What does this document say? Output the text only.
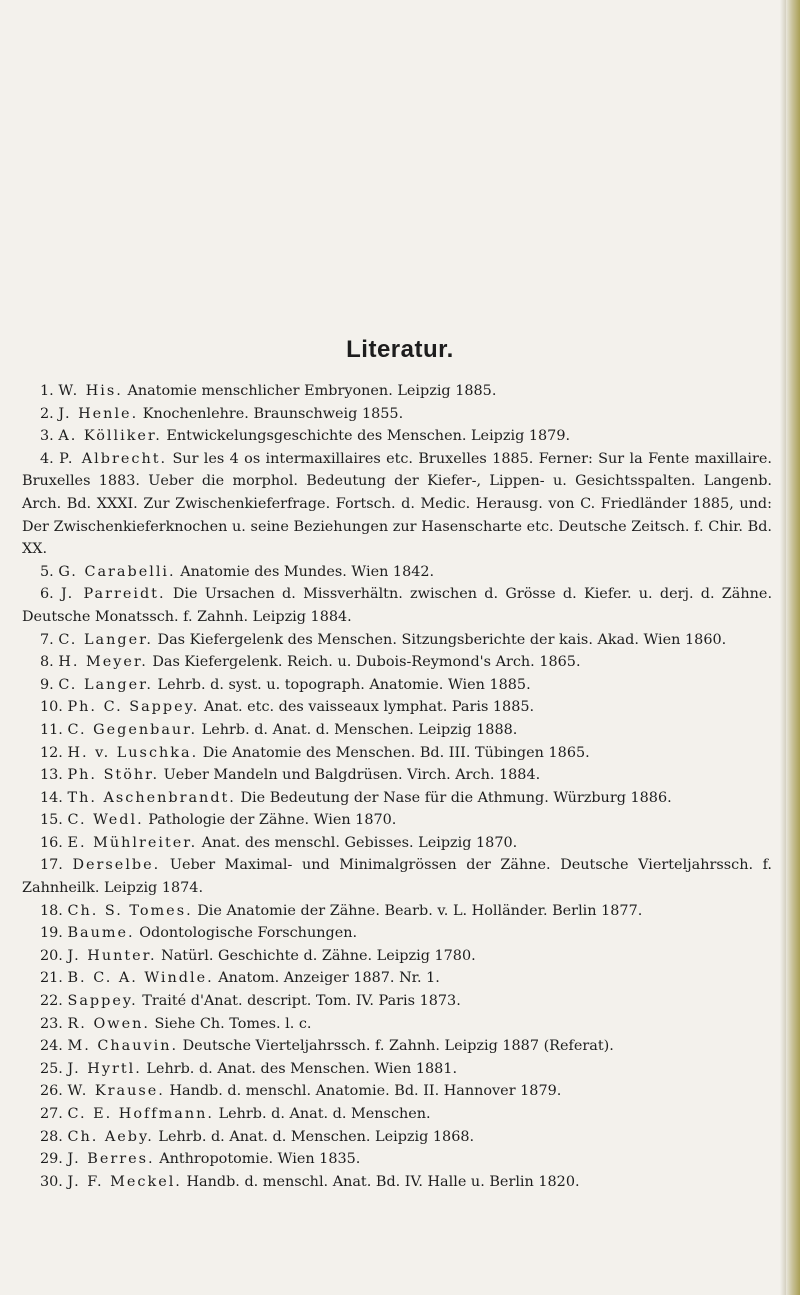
Literatur.
1. W. His. Anatomie menschlicher Embryonen. Leipzig 1885.
2. J. Henle. Knochenlehre. Braunschweig 1855.
3. A. Kölliker. Entwickelungsgeschichte des Menschen. Leipzig 1879.
4. P. Albrecht. Sur les 4 os intermaxillaires etc. Bruxelles 1885. Ferner: Sur la Fente maxillaire. Bruxelles 1883. Ueber die morphol. Bedeutung der Kiefer-, Lippen- u. Gesichtsspalten. Langenb. Arch. Bd. XXXI. Zur Zwischenkieferfrage. Fortsch. d. Medic. Herausg. von C. Friedländer 1885, und: Der Zwischenkieferknochen u. seine Beziehungen zur Hasenscharte etc. Deutsche Zeitsch. f. Chir. Bd. XX.
5. G. Carabelli. Anatomie des Mundes. Wien 1842.
6. J. Parreidt. Die Ursachen d. Missverhältn. zwischen d. Grösse d. Kiefer. u. derj. d. Zähne. Deutsche Monatssch. f. Zahnh. Leipzig 1884.
7. C. Langer. Das Kiefergelenk des Menschen. Sitzungsberichte der kais. Akad. Wien 1860.
8. H. Meyer. Das Kiefergelenk. Reich. u. Dubois-Reymond's Arch. 1865.
9. C. Langer. Lehrb. d. syst. u. topograph. Anatomie. Wien 1885.
10. Ph. C. Sappey. Anat. etc. des vaisseaux lymphat. Paris 1885.
11. C. Gegenbaur. Lehrb. d. Anat. d. Menschen. Leipzig 1888.
12. H. v. Luschka. Die Anatomie des Menschen. Bd. III. Tübingen 1865.
13. Ph. Stöhr. Ueber Mandeln und Balgdrüsen. Virch. Arch. 1884.
14. Th. Aschenbrandt. Die Bedeutung der Nase für die Athmung. Würzburg 1886.
15. C. Wedl. Pathologie der Zähne. Wien 1870.
16. E. Mühlreiter. Anat. des menschl. Gebisses. Leipzig 1870.
17. Derselbe. Ueber Maximal- und Minimalgrössen der Zähne. Deutsche Vierteljahrssch. f. Zahnheilk. Leipzig 1874.
18. Ch. S. Tomes. Die Anatomie der Zähne. Bearb. v. L. Holländer. Berlin 1877.
19. Baume. Odontologische Forschungen.
20. J. Hunter. Natürl. Geschichte d. Zähne. Leipzig 1780.
21. B. C. A. Windle. Anatom. Anzeiger 1887. Nr. 1.
22. Sappey. Traité d'Anat. descript. Tom. IV. Paris 1873.
23. R. Owen. Siehe Ch. Tomes. l. c.
24. M. Chauvin. Deutsche Vierteljahrssch. f. Zahnh. Leipzig 1887 (Referat).
25. J. Hyrtl. Lehrb. d. Anat. des Menschen. Wien 1881.
26. W. Krause. Handb. d. menschl. Anatomie. Bd. II. Hannover 1879.
27. C. E. Hoffmann. Lehrb. d. Anat. d. Menschen.
28. Ch. Aeby. Lehrb. d. Anat. d. Menschen. Leipzig 1868.
29. J. Berres. Anthropotomie. Wien 1835.
30. J. F. Meckel. Handb. d. menschl. Anat. Bd. IV. Halle u. Berlin 1820.
